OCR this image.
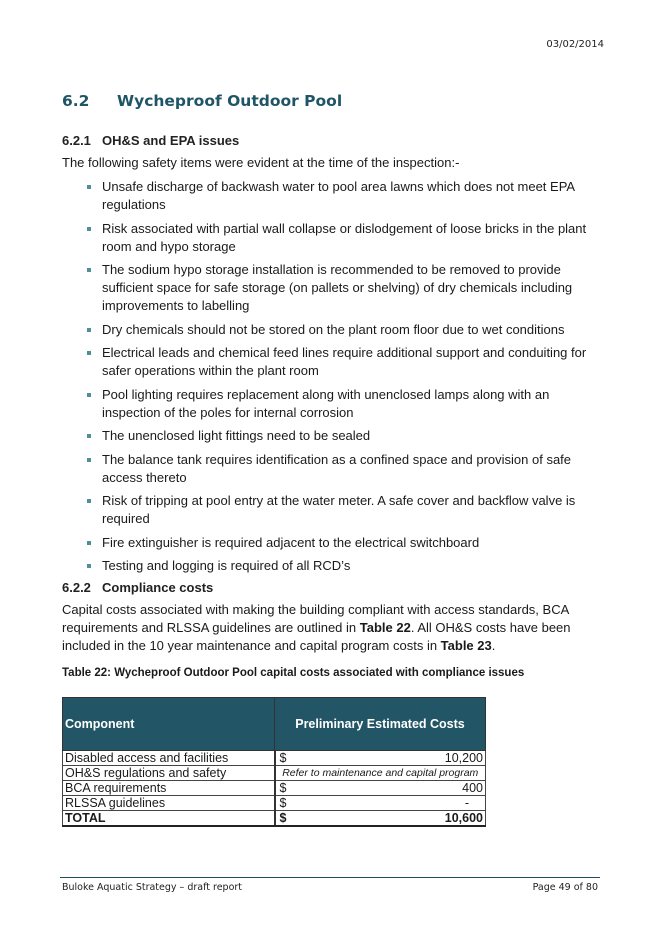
03/02/2014
6.2 Wycheproof Outdoor Pool
6.2.1 OH&S and EPA issues
The following safety items were evident at the time of the inspection:-
Unsafe discharge of backwash water to pool area lawns which does not meet EPA regulations
Risk associated with partial wall collapse or dislodgement of loose bricks in the plant room and hypo storage
The sodium hypo storage installation is recommended to be removed to provide sufficient space for safe storage (on pallets or shelving) of dry chemicals including improvements to labelling
Dry chemicals should not be stored on the plant room floor due to wet conditions
Electrical leads and chemical feed lines require additional support and conduiting for safer operations within the plant room
Pool lighting requires replacement along with unenclosed lamps along with an inspection of the poles for internal corrosion
The unenclosed light fittings need to be sealed
The balance tank requires identification as a confined space and provision of safe access thereto
Risk of tripping at pool entry at the water meter. A safe cover and backflow valve is required
Fire extinguisher is required adjacent to the electrical switchboard
Testing and logging is required of all RCD’s
6.2.2 Compliance costs
Capital costs associated with making the building compliant with access standards, BCA requirements and RLSSA guidelines are outlined in Table 22. All OH&S costs have been included in the 10 year maintenance and capital program costs in Table 23.
Table 22: Wycheproof Outdoor Pool capital costs associated with compliance issues
Component	Preliminary Estimated Costs
Disabled access and facilities	$ 10,200

OH&S regulations and safety	Refer to maintenance and capital program

BCA requirements	$ 400

RLSSA guidelines	$ -

TOTAL	$ 10,600
Buloke Aquatic Strategy – draft report	Page 49 of 80
